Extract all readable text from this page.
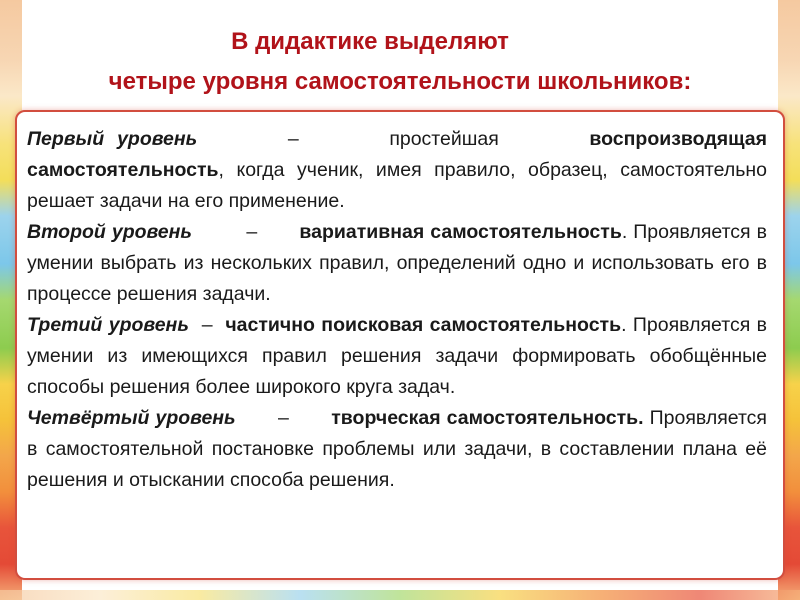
В дидактике выделяют
четыре уровня самостоятельности школьников:

Первый уровень	–	простейшая	воспроизводящая самостоятельность, когда ученик, имея правило, образец, самостоятельно решает задачи на его применение.

Второй уровень	– вариативная самостоятельность. Проявляется в умении выбрать из нескольких правил, определений одно и использовать его в процессе решения задачи.

Третий уровень – частично поисковая самостоятельность. Проявляется в умении из имеющихся правил решения задачи формировать обобщённые способы решения более широкого круга задач.

Четвёртый уровень – творческая самостоятельность. Проявляется в самостоятельной постановке проблемы или задачи, в составлении плана её решения и отыскании способа решения.
